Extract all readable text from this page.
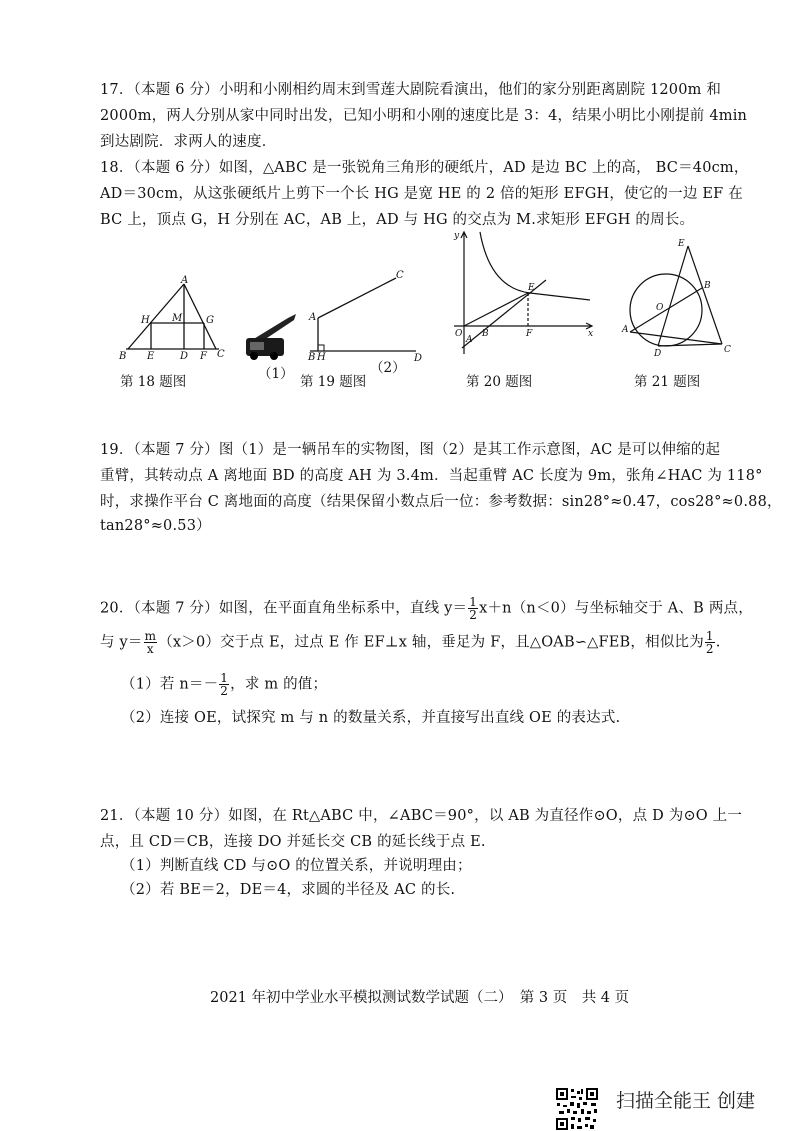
17．（本题 6 分）小明和小刚相约周末到雪莲大剧院看演出，他们的家分别距离剧院 1200m 和
2000m，两人分别从家中同时出发，已知小明和小刚的速度比是 3：4，结果小明比小刚提前 4min
到达剧院．求两人的速度．
18．（本题 6 分）如图，△ABC 是一张锐角三角形的硬纸片，AD 是边 BC 上的高， BC＝40cm，
AD＝30cm，从这张硬纸片上剪下一个长 HG 是宽 HE 的 2 倍的矩形 EFGH，使它的一边 EF 在
BC 上，顶点 G，H 分别在 AC，AB 上，AD 与 HG 的交点为 M.求矩形 EFGH 的周长。
A
H M G
B E	D F C
第 18 题图	（1）
A
B H
C
D
第 19 题图
（2）
y
x
O B
A
E
F
第 20 题图
E
B
O
A
D	C
第 21 题图
19．（本题 7 分）图（1）是一辆吊车的实物图，图（2）是其工作示意图，AC 是可以伸缩的起
重臂，其转动点 A 离地面 BD 的高度 AH 为 3.4m．当起重臂 AC 长度为 9m，张角∠HAC 为 118°
时，求操作平台 C 离地面的高度（结果保留小数点后一位：参考数据：sin28°≈0.47，cos28°≈0.88，
tan28°≈0.53）
20．（本题 7 分）如图，在平面直角坐标系中，直线 $y= \frac{1}{2} x+n(n<0)$与坐标轴交于 A、B 两点，
与 $y= \frac{m}{x} (x>0)$交于点 E，过点 E 作 EF⊥x 轴，垂足为 F，且△OAB∽△FEB，相似比为 $\frac{1}{2}$ .
（1）若 $n=- \frac{1}{2}$ ，求 m 的值；
（2）连接 OE，试探究 m 与 n 的数量关系，并直接写出直线 OE 的表达式.
21．（本题 10 分）如图，在 Rt△ABC 中，∠ABC＝90°，以 AB 为直径作⊙O，点 D 为⊙O 上一
点，且 CD＝CB，连接 DO 并延长交 CB 的延长线于点 E.
（1）判断直线 CD 与⊙O 的位置关系，并说明理由；
（2）若 BE＝2，DE＝4，求圆的半径及 AC 的长.
2021 年初中学业水平模拟测试数学试题（二）　第 3 页　共 4 页
扫描全能王 创建
